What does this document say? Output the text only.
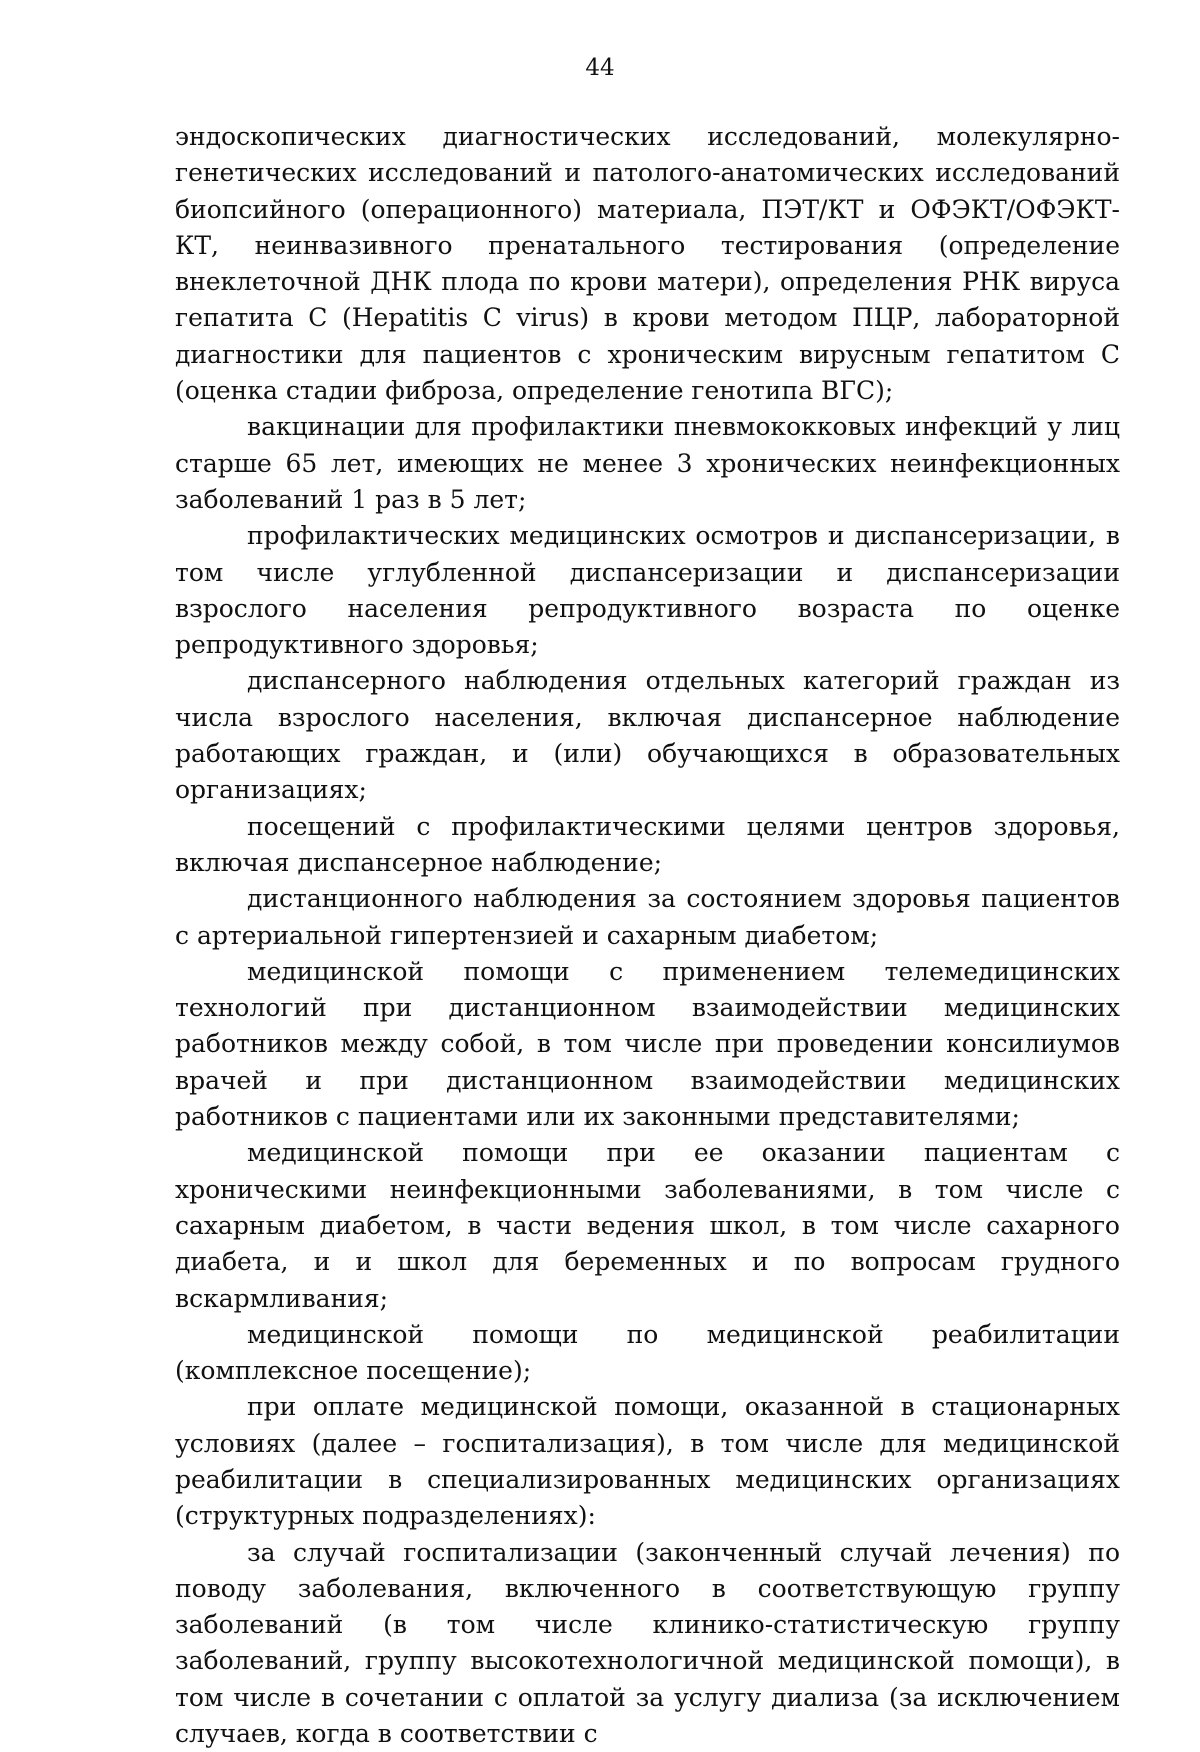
44

эндоскопических диагностических исследований, молекулярно-генетических исследований и патолого-анатомических исследований биопсийного (операционного) материала, ПЭТ/КТ и ОФЭКТ/ОФЭКТ-КТ, неинвазивного пренатального тестирования (определение внеклеточной ДНК плода по крови матери), определения РНК вируса гепатита С (Hepatitis C virus) в крови методом ПЦР, лабораторной диагностики для пациентов с хроническим вирусным гепатитом С (оценка стадии фиброза, определение генотипа ВГС);

вакцинации для профилактики пневмококковых инфекций у лиц старше 65 лет, имеющих не менее 3 хронических неинфекционных заболеваний 1 раз в 5 лет;

профилактических медицинских осмотров и диспансеризации, в том числе углубленной диспансеризации и диспансеризации взрослого населения репродуктивного возраста по оценке репродуктивного здоровья;

диспансерного наблюдения отдельных категорий граждан из числа взрослого населения, включая диспансерное наблюдение работающих граждан, и (или) обучающихся в образовательных организациях;

посещений с профилактическими целями центров здоровья, включая диспансерное наблюдение;

дистанционного наблюдения за состоянием здоровья пациентов с артериальной гипертензией и сахарным диабетом;

медицинской помощи с применением телемедицинских технологий при дистанционном взаимодействии медицинских работников между собой, в том числе при проведении консилиумов врачей и при дистанционном взаимодействии медицинских работников с пациентами или их законными представителями;

медицинской помощи при ее оказании пациентам с хроническими неинфекционными заболеваниями, в том числе с сахарным диабетом, в части ведения школ, в том числе сахарного диабета, и и школ для беременных и по вопросам грудного вскармливания;

медицинской помощи по медицинской реабилитации (комплексное посещение);

при оплате медицинской помощи, оказанной в стационарных условиях (далее – госпитализация), в том числе для медицинской реабилитации в специализированных медицинских организациях (структурных подразделениях):

за случай госпитализации (законченный случай лечения) по поводу заболевания, включенного в соответствующую группу заболеваний (в том числе клинико-статистическую группу заболеваний, группу высокотехнологичной медицинской помощи), в том числе в сочетании с оплатой за услугу диализа (за исключением случаев, когда в соответствии с
